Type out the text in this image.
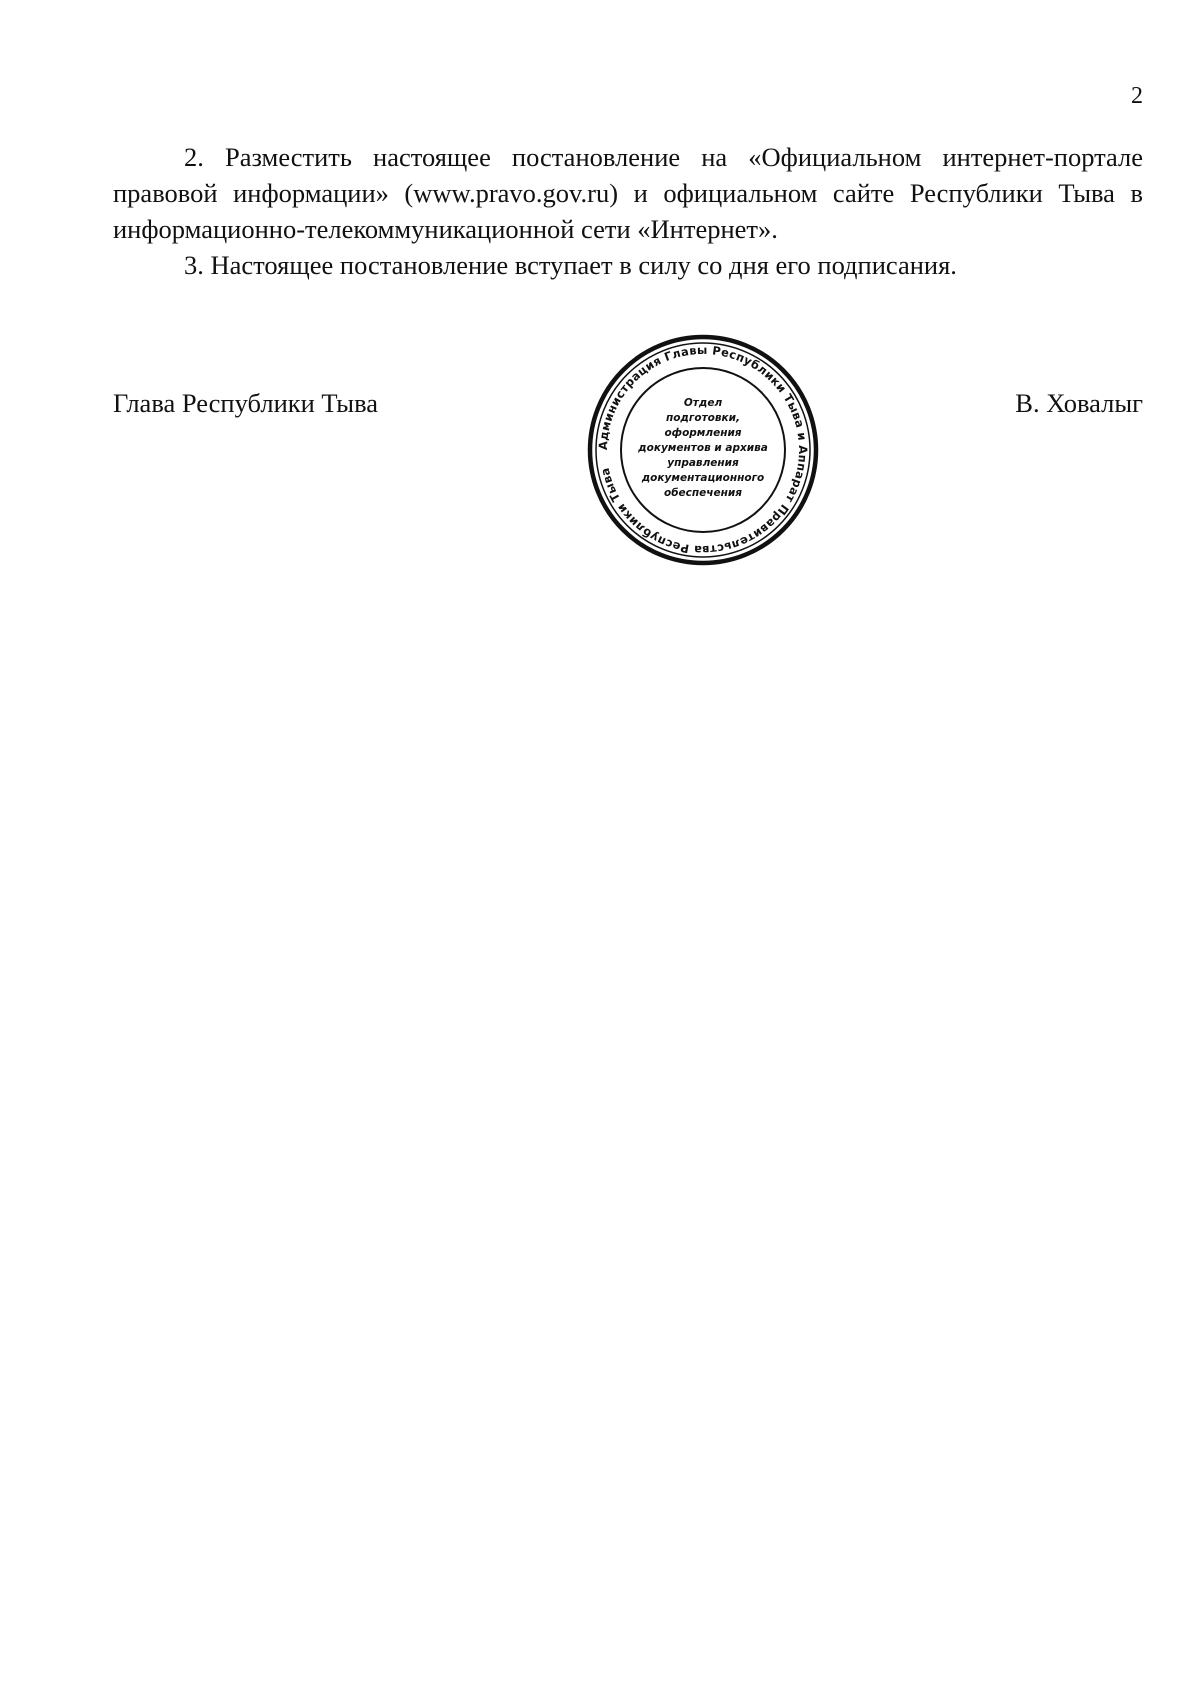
2

2. Разместить настоящее постановление на «Официальном интернет-портале правовой информации» (www.pravo.gov.ru) и официальном сайте Республики Тыва в информационно-телекоммуникационной сети «Интернет».

3. Настоящее постановление вступает в силу со дня его подписания.

Глава Республики Тыва	В. Ховалыг
Администрация Главы Республики Тыва и Аппарат Правительства Республики Тыва
Отдел
подготовки,
оформления
документов и архива
управления
документационного
обеспечения
